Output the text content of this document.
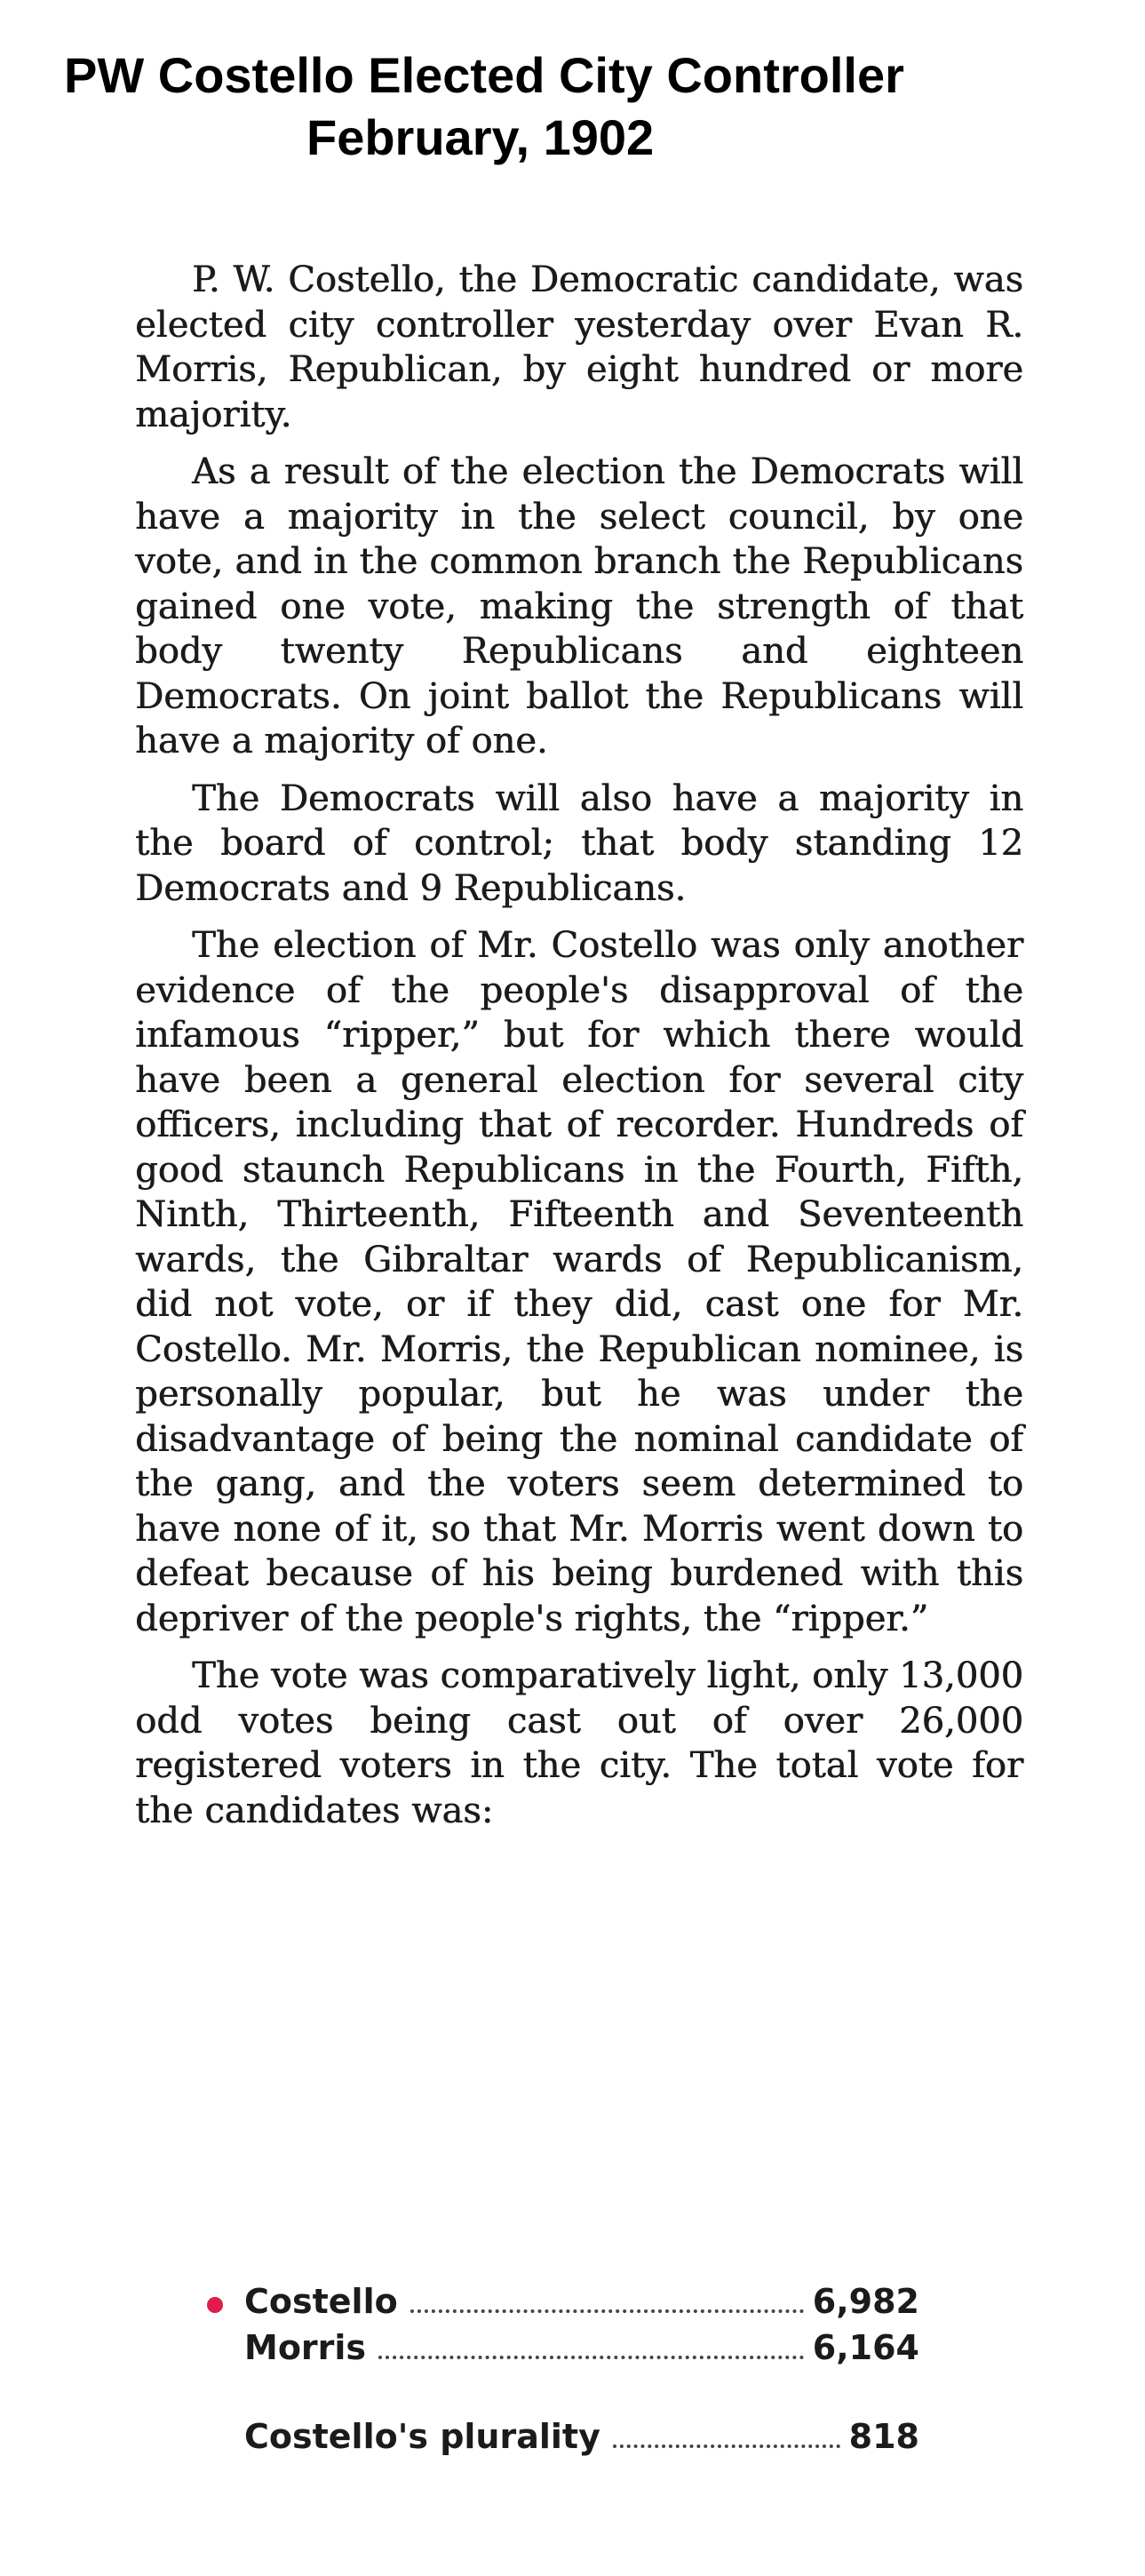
PW Costello Elected City Controller
February, 1902

P. W. Costello, the Democratic candidate, was elected city controller yesterday over Evan R. Morris, Republican, by eight hundred or more majority.

As a result of the election the Democrats will have a majority in the select council, by one vote, and in the common branch the Republicans gained one vote, making the strength of that body twenty Republicans and eighteen Democrats. On joint ballot the Republicans will have a majority of one.

The Democrats will also have a majority in the board of control; that body standing 12 Democrats and 9 Republicans.

The election of Mr. Costello was only another evidence of the people's disapproval of the infamous “ripper,” but for which there would have been a general election for several city officers, including that of recorder. Hundreds of good staunch Republicans in the Fourth, Fifth, Ninth, Thirteenth, Fifteenth and Seventeenth wards, the Gibraltar wards of Republicanism, did not vote, or if they did, cast one for Mr. Costello. Mr. Morris, the Republican nominee, is personally popular, but he was under the disadvantage of being the nominal candidate of the gang, and the voters seem determined to have none of it, so that Mr. Morris went down to defeat because of his being burdened with this depriver of the people's rights, the “ripper.”

The vote was comparatively light, only 13,000 odd votes being cast out of over 26,000 registered voters in the city. The total vote for the candidates was:

Costello	6,982
Morris	6,164
Costello's plurality	818
